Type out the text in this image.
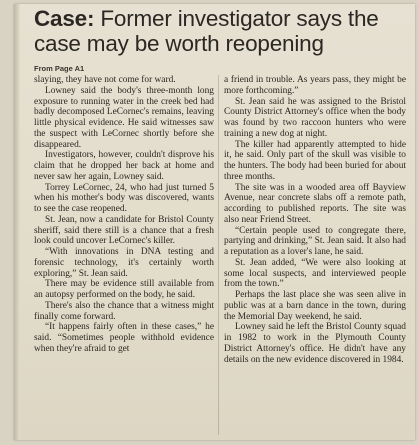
Case: Former investigator says the case may be worth reopening
From Page A1

slaying, they have not come for ward.

Lowney said the body's three-month long exposure to running water in the creek bed had badly decomposed LeCornec's remains, leaving little physical evidence. He said witnesses saw the suspect with LeCornec shortly before she disappeared.

Investigators, however, couldn't disprove his claim that he dropped her back at home and never saw her again, Lowney said.

Torrey LeCornec, 24, who had just turned 5 when his mother's body was discovered, wants to see the case reopened.

St. Jean, now a candidate for Bristol County sheriff, said there still is a chance that a fresh look could uncover LeCornec's killer.

“With innovations in DNA testing and forensic technology, it's certainly worth exploring,” St. Jean said.

There may be evidence still available from an autopsy performed on the body, he said.

There's also the chance that a witness might finally come forward.

“It happens fairly often in these cases,” he said. “Sometimes people withhold evidence when they're afraid to get

a friend in trouble. As years pass, they might be more forthcoming.”

St. Jean said he was assigned to the Bristol County District Attorney's office when the body was found by two raccoon hunters who were training a new dog at night.

The killer had apparently attempted to hide it, he said. Only part of the skull was visible to the hunters. The body had been buried for about three months.

The site was in a wooded area off Bayview Avenue, near concrete slabs off a remote path, according to published reports. The site was also near Friend Street.

“Certain people used to congregate there, partying and drinking,” St. Jean said. It also had a reputation as a lover's lane, he said.

St. Jean added, “We were also looking at some local suspects, and interviewed people from the town.”

Perhaps the last place she was seen alive in public was at a barn dance in the town, during the Memorial Day weekend, he said.

Lowney said he left the Bristol County squad in 1982 to work in the Plymouth County District Attorney's office. He didn't have any details on the new evidence discovered in 1984.
